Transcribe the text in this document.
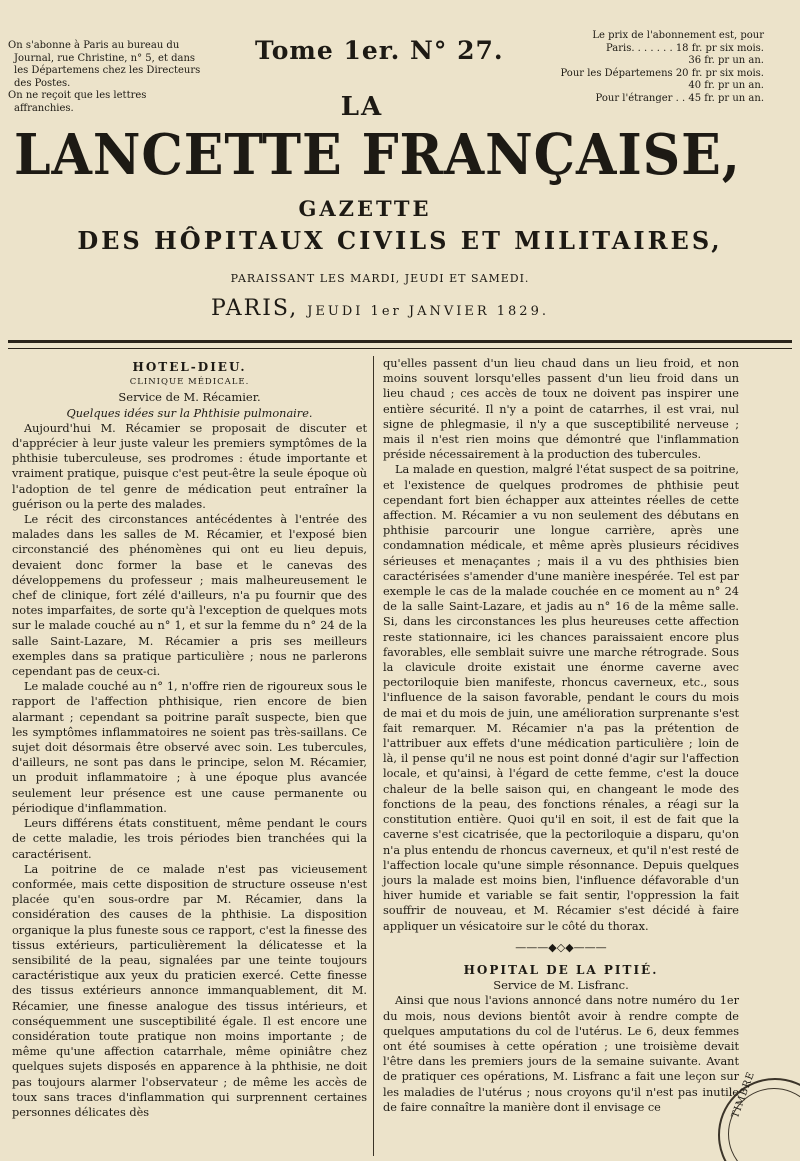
On s'abonne à Paris au bureau du Journal, rue Christine, n° 5, et dans les Départemens chez les Directeurs des Postes.

On ne reçoit que les lettres affranchies.

Tome 1er. N° 27.
Le prix de l'abonnement est, pour
Paris. . . . . . . 18 fr. pr six mois.
36 fr. pr un an.
Pour les Départemens 20 fr. pr six mois.
40 fr. pr un an.
Pour l'étranger . . 45 fr. pr un an.
LA
LANCETTE FRANÇAISE,
GAZETTE
DES HÔPITAUX CIVILS ET MILITAIRES,
PARAISSANT LES MARDI, JEUDI ET SAMEDI.
PARIS, JEUDI 1er JANVIER 1829.

HOTEL-DIEU.

CLINIQUE MÉDICALE.

Service de M. Récamier.

Quelques idées sur la Phthisie pulmonaire.

Aujourd'hui M. Récamier se proposait de discuter et d'apprécier à leur juste valeur les premiers symptômes de la phthisie tuberculeuse, ses prodromes : étude importante et vraiment pratique, puisque c'est peut-être la seule époque où l'adoption de tel genre de médication peut entraîner la guérison ou la perte des malades.

Le récit des circonstances antécédentes à l'entrée des malades dans les salles de M. Récamier, et l'exposé bien circonstancié des phénomènes qui ont eu lieu depuis, devaient donc former la base et le canevas des développemens du professeur ; mais malheureusement le chef de clinique, fort zélé d'ailleurs, n'a pu fournir que des notes imparfaites, de sorte qu'à l'exception de quelques mots sur le malade couché au n° 1, et sur la femme du n° 24 de la salle Saint-Lazare, M. Récamier a pris ses meilleurs exemples dans sa pratique particulière ; nous ne parlerons cependant pas de ceux-ci.

Le malade couché au n° 1, n'offre rien de rigoureux sous le rapport de l'affection phthisique, rien encore de bien alarmant ; cependant sa poitrine paraît suspecte, bien que les symptômes inflammatoires ne soient pas très-saillans. Ce sujet doit désormais être observé avec soin. Les tubercules, d'ailleurs, ne sont pas dans le principe, selon M. Récamier, un produit inflammatoire ; à une époque plus avancée seulement leur présence est une cause permanente ou périodique d'inflammation.

Leurs différens états constituent, même pendant le cours de cette maladie, les trois périodes bien tranchées qui la caractérisent.

La poitrine de ce malade n'est pas vicieusement conformée, mais cette disposition de structure osseuse n'est placée qu'en sous-ordre par M. Récamier, dans la considération des causes de la phthisie. La disposition organique la plus funeste sous ce rapport, c'est la finesse des tissus extérieurs, particulièrement la délicatesse et la sensibilité de la peau, signalées par une teinte toujours caractéristique aux yeux du praticien exercé. Cette finesse des tissus extérieurs annonce immanquablement, dit M. Récamier, une finesse analogue des tissus intérieurs, et conséquemment une susceptibilité égale. Il est encore une considération toute pratique non moins importante ; de même qu'une affection catarrhale, même opiniâtre chez quelques sujets disposés en apparence à la phthisie, ne doit pas toujours alarmer l'observateur ; de même les accès de toux sans traces d'inflammation qui surprennent certaines personnes délicates dès

qu'elles passent d'un lieu chaud dans un lieu froid, et non moins souvent lorsqu'elles passent d'un lieu froid dans un lieu chaud ; ces accès de toux ne doivent pas inspirer une entière sécurité. Il n'y a point de catarrhes, il est vrai, nul signe de phlegmasie, il n'y a que susceptibilité nerveuse ; mais il n'est rien moins que démontré que l'inflammation préside nécessairement à la production des tubercules.

La malade en question, malgré l'état suspect de sa poitrine, et l'existence de quelques prodromes de phthisie peut cependant fort bien échapper aux atteintes réelles de cette affection. M. Récamier a vu non seulement des débutans en phthisie parcourir une longue carrière, après une condamnation médicale, et même après plusieurs récidives sérieuses et menaçantes ; mais il a vu des phthisies bien caractérisées s'amender d'une manière inespérée. Tel est par exemple le cas de la malade couchée en ce moment au n° 24 de la salle Saint-Lazare, et jadis au n° 16 de la même salle. Si, dans les circonstances les plus heureuses cette affection reste stationnaire, ici les chances paraissaient encore plus favorables, elle semblait suivre une marche rétrograde. Sous la clavicule droite existait une énorme caverne avec pectoriloquie bien manifeste, rhoncus caverneux, etc., sous l'influence de la saison favorable, pendant le cours du mois de mai et du mois de juin, une amélioration surprenante s'est fait remarquer. M. Récamier n'a pas la prétention de l'attribuer aux effets d'une médication particulière ; loin de là, il pense qu'il ne nous est point donné d'agir sur l'affection locale, et qu'ainsi, à l'égard de cette femme, c'est la douce chaleur de la belle saison qui, en changeant le mode des fonctions de la peau, des fonctions rénales, a réagi sur la constitution entière. Quoi qu'il en soit, il est de fait que la caverne s'est cicatrisée, que la pectoriloquie a disparu, qu'on n'a plus entendu de rhoncus caverneux, et qu'il n'est resté de l'affection locale qu'une simple résonnance. Depuis quelques jours la malade est moins bien, l'influence défavorable d'un hiver humide et variable se fait sentir, l'oppression la fait souffrir de nouveau, et M. Récamier s'est décidé à faire appliquer un vésicatoire sur le côté du thorax.

———◆◇◆———

HOPITAL DE LA PITIÉ.

Service de M. Lisfranc.

Ainsi que nous l'avions annoncé dans notre numéro du 1er du mois, nous devions bientôt avoir à rendre compte de quelques amputations du col de l'utérus. Le 6, deux femmes ont été soumises à cette opération ; une troisième devait l'être dans les premiers jours de la semaine suivante. Avant de pratiquer ces opérations, M. Lisfranc a fait une leçon sur les maladies de l'utérus ; nous croyons qu'il n'est pas inutile de faire connaître la manière dont il envisage ce	TIMBRE
